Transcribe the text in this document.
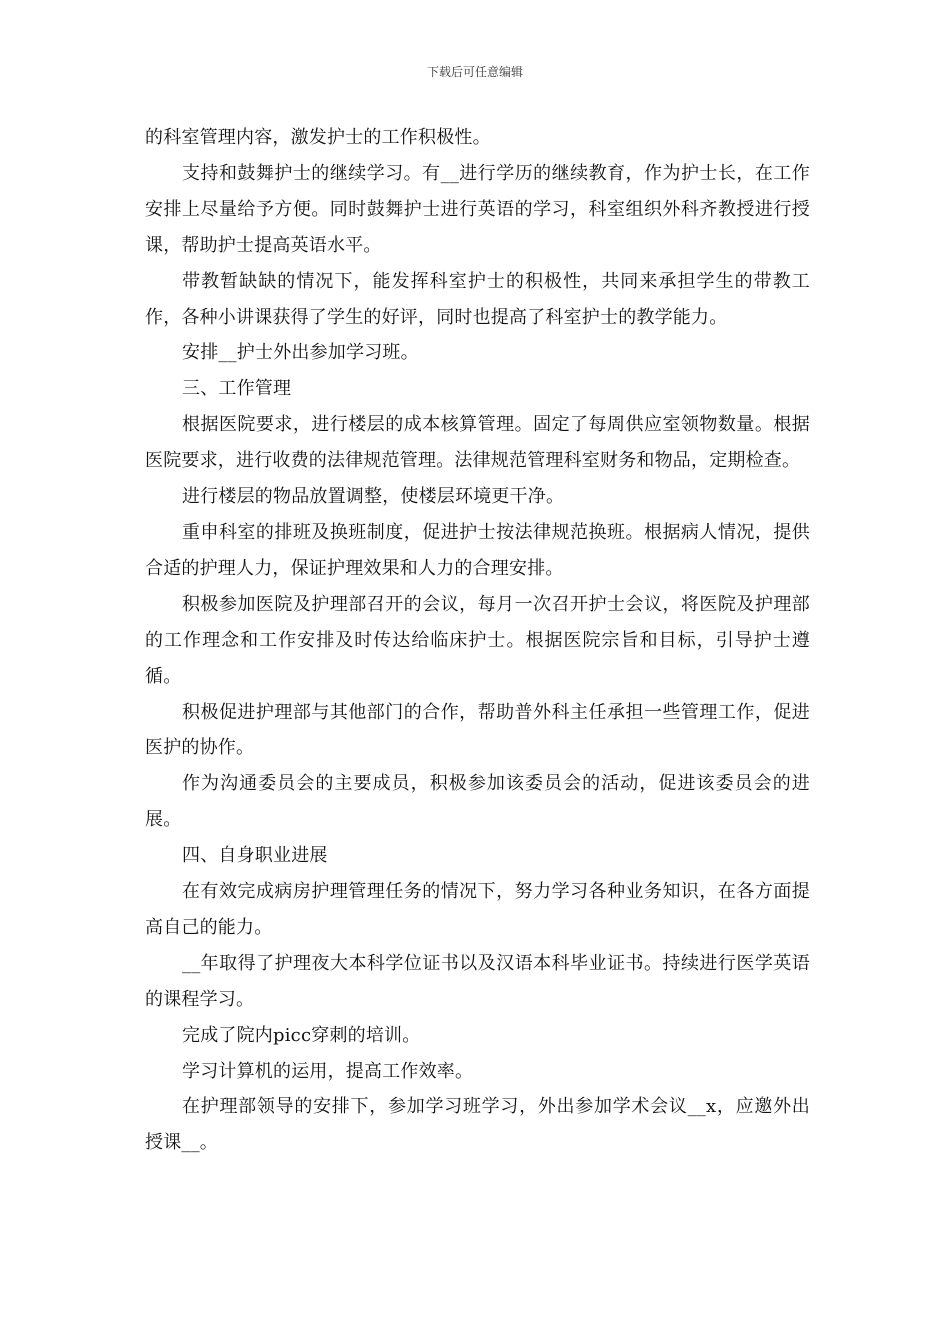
下载后可任意编辑

的科室管理内容，激发护士的工作积极性。

支持和鼓舞护士的继续学习。有__进行学历的继续教育，作为护士长，在工作安排上尽量给予方便。同时鼓舞护士进行英语的学习，科室组织外科齐教授进行授课，帮助护士提高英语水平。

带教暂缺缺的情况下，能发挥科室护士的积极性，共同来承担学生的带教工作，各种小讲课获得了学生的好评，同时也提高了科室护士的教学能力。

安排__护士外出参加学习班。

三、工作管理

根据医院要求，进行楼层的成本核算管理。固定了每周供应室领物数量。根据医院要求，进行收费的法律规范管理。法律规范管理科室财务和物品，定期检查。

进行楼层的物品放置调整，使楼层环境更干净。

重申科室的排班及换班制度，促进护士按法律规范换班。根据病人情况，提供合适的护理人力，保证护理效果和人力的合理安排。

积极参加医院及护理部召开的会议，每月一次召开护士会议，将医院及护理部的工作理念和工作安排及时传达给临床护士。根据医院宗旨和目标，引导护士遵循。

积极促进护理部与其他部门的合作，帮助普外科主任承担一些管理工作，促进医护的协作。

作为沟通委员会的主要成员，积极参加该委员会的活动，促进该委员会的进展。

四、自身职业进展

在有效完成病房护理管理任务的情况下，努力学习各种业务知识，在各方面提高自己的能力。

__年取得了护理夜大本科学位证书以及汉语本科毕业证书。持续进行医学英语的课程学习。

完成了院内picc穿刺的培训。

学习计算机的运用，提高工作效率。

在护理部领导的安排下，参加学习班学习，外出参加学术会议__x，应邀外出授课__。
